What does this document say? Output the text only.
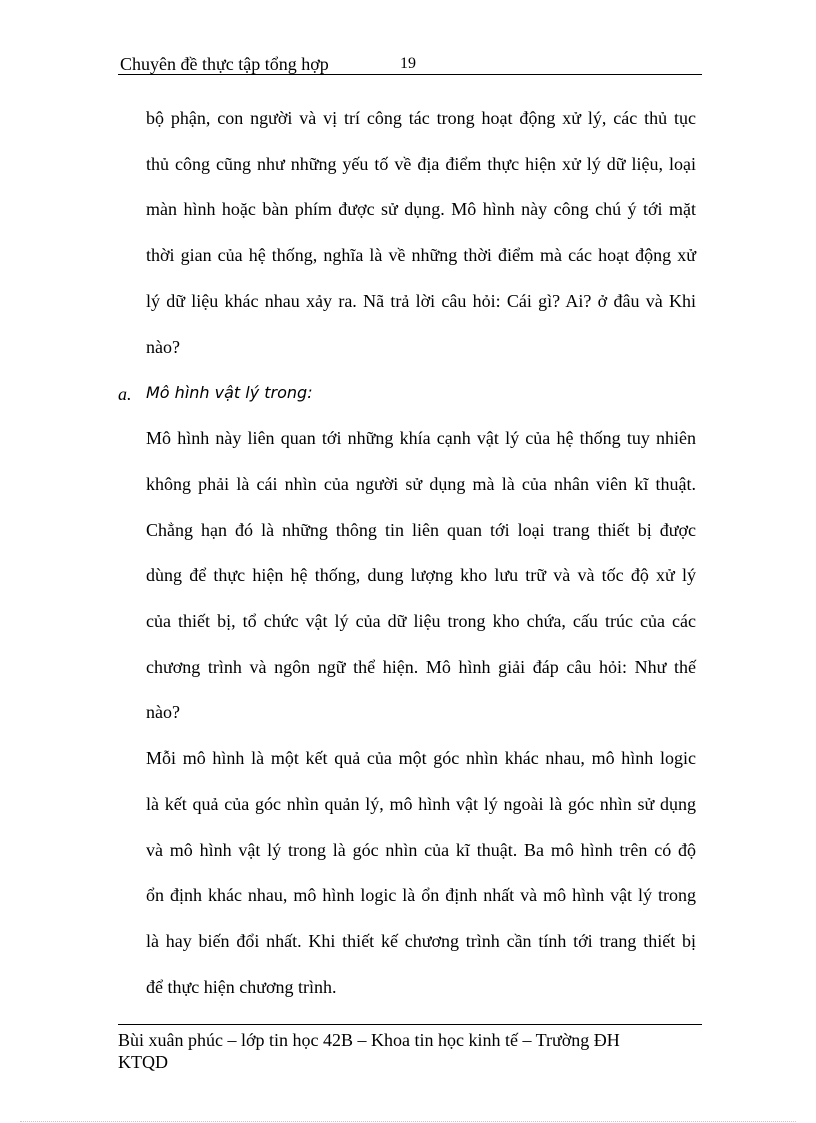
Chuyên đề thực tập tổng hợp	19

bộ phận, con người và vị trí công tác trong hoạt động xử lý, các thủ tục
thủ công cũng như những yếu tố về địa điểm thực hiện xử lý dữ liệu, loại
màn hình hoặc bàn phím được sử dụng. Mô hình này công chú ý tới mặt
thời gian của hệ thống, nghĩa là về những thời điểm mà các hoạt động xử
lý dữ liệu khác nhau xảy ra. Nã trả lời câu hỏi: Cái gì? Ai? ở đâu và Khi
nào?

a. Mô hình vật lý trong:

Mô hình này liên quan tới những khía cạnh vật lý của hệ thống tuy nhiên
không phải là cái nhìn của người sử dụng mà là của nhân viên kĩ thuật.
Chẳng hạn đó là những thông tin liên quan tới loại trang thiết bị được
dùng để thực hiện hệ thống, dung lượng kho lưu trữ và và tốc độ xử lý
của thiết bị, tổ chức vật lý của dữ liệu trong kho chứa, cấu trúc của các
chương trình và ngôn ngữ thể hiện. Mô hình giải đáp câu hỏi: Như thế
nào?

Mỗi mô hình là một kết quả của một góc nhìn khác nhau, mô hình logic
là kết quả của góc nhìn quản lý, mô hình vật lý ngoài là góc nhìn sử dụng
và mô hình vật lý trong là góc nhìn của kĩ thuật. Ba mô hình trên có độ
ổn định khác nhau, mô hình logic là ổn định nhất và mô hình vật lý trong
là hay biến đổi nhất. Khi thiết kế chương trình cần tính tới trang thiết bị
để thực hiện chương trình.

Bùi xuân phúc – lớp tin học 42B – Khoa tin học kinh tế – Trường ĐH
KTQD
